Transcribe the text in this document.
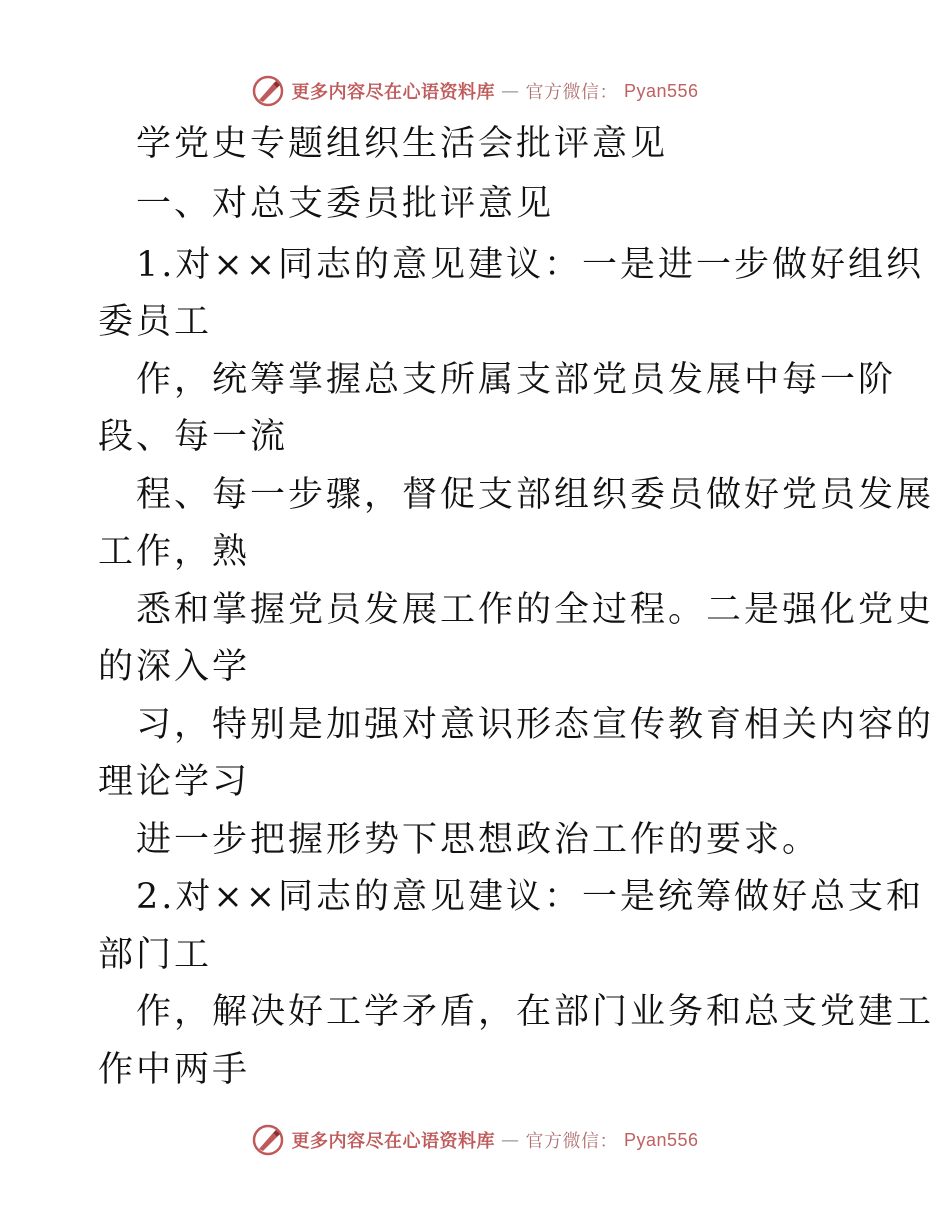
更多内容尽在心语资料库 — 官方微信： Pyan556
学党史专题组织生活会批评意见
一、对总支委员批评意见
1.对××同志的意见建议：一是进一步做好组织
委员工
作，统筹掌握总支所属支部党员发展中每一阶
段、每一流
程、每一步骤，督促支部组织委员做好党员发展
工作，熟
悉和掌握党员发展工作的全过程。二是强化党史
的深入学
习，特别是加强对意识形态宣传教育相关内容的
理论学习
进一步把握形势下思想政治工作的要求。
2.对××同志的意见建议：一是统筹做好总支和
部门工
作，解决好工学矛盾，在部门业务和总支党建工
作中两手
更多内容尽在心语资料库 — 官方微信： Pyan556
